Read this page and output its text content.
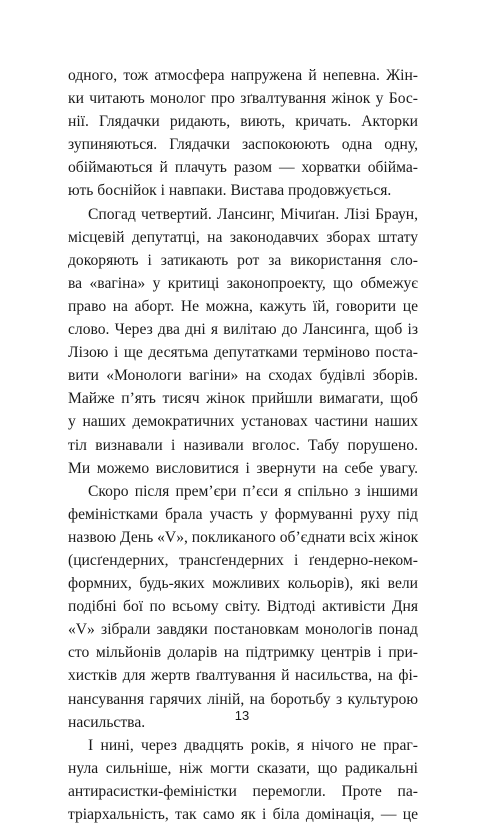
одного, тож атмосфера напружена й непевна. Жін-
ки читають монолог про зґвалтування жінок у Бос-
нії. Глядачки ридають, виють, кричать. Акторки
зупиняються. Глядачки заспокоюють одна одну,
обіймаються й плачуть разом — хорватки обійма-
ють боснійок і навпаки. Вистава продовжується.
Спогад четвертий. Лансинг, Мічиґан. Лізі Браун,
місцевій депутатці, на законодавчих зборах штату
докоряють і затикають рот за використання сло-
ва «вагіна» у критиці законопроекту, що обмежує
право на аборт. Не можна, кажуть їй, говорити це
слово. Через два дні я вилітаю до Лансинга, щоб із
Лізою і ще десятьма депутатками терміново поста-
вити «Монологи вагіни» на сходах будівлі зборів.
Майже п’ять тисяч жінок прийшли вимагати, щоб
у наших демократичних установах частини наших
тіл визнавали і називали вголос. Табу порушено.
Ми можемо висловитися і звернути на себе увагу.
Скоро після прем’єри п’єси я спільно з іншими
феміністками брала участь у формуванні руху під
назвою День «V», покликаного об’єднати всіх жінок
(цисґендерних, трансґендерних і ґендерно-неком-
формних, будь-яких можливих кольорів), які вели
подібні бої по всьому світу. Відтоді активісти Дня
«V» зібрали завдяки постановкам монологів понад
сто мільйонів доларів на підтримку центрів і при-
хистків для жертв ґвалтування й насильства, на фі-
нансування гарячих ліній, на боротьбу з культурою
насильства.
І нині, через двадцять років, я нічого не праг-
нула сильніше, ніж могти сказати, що радикальні
антирасистки-феміністки перемогли. Проте па-
тріархальність, так само як і біла домінація, — це
13
